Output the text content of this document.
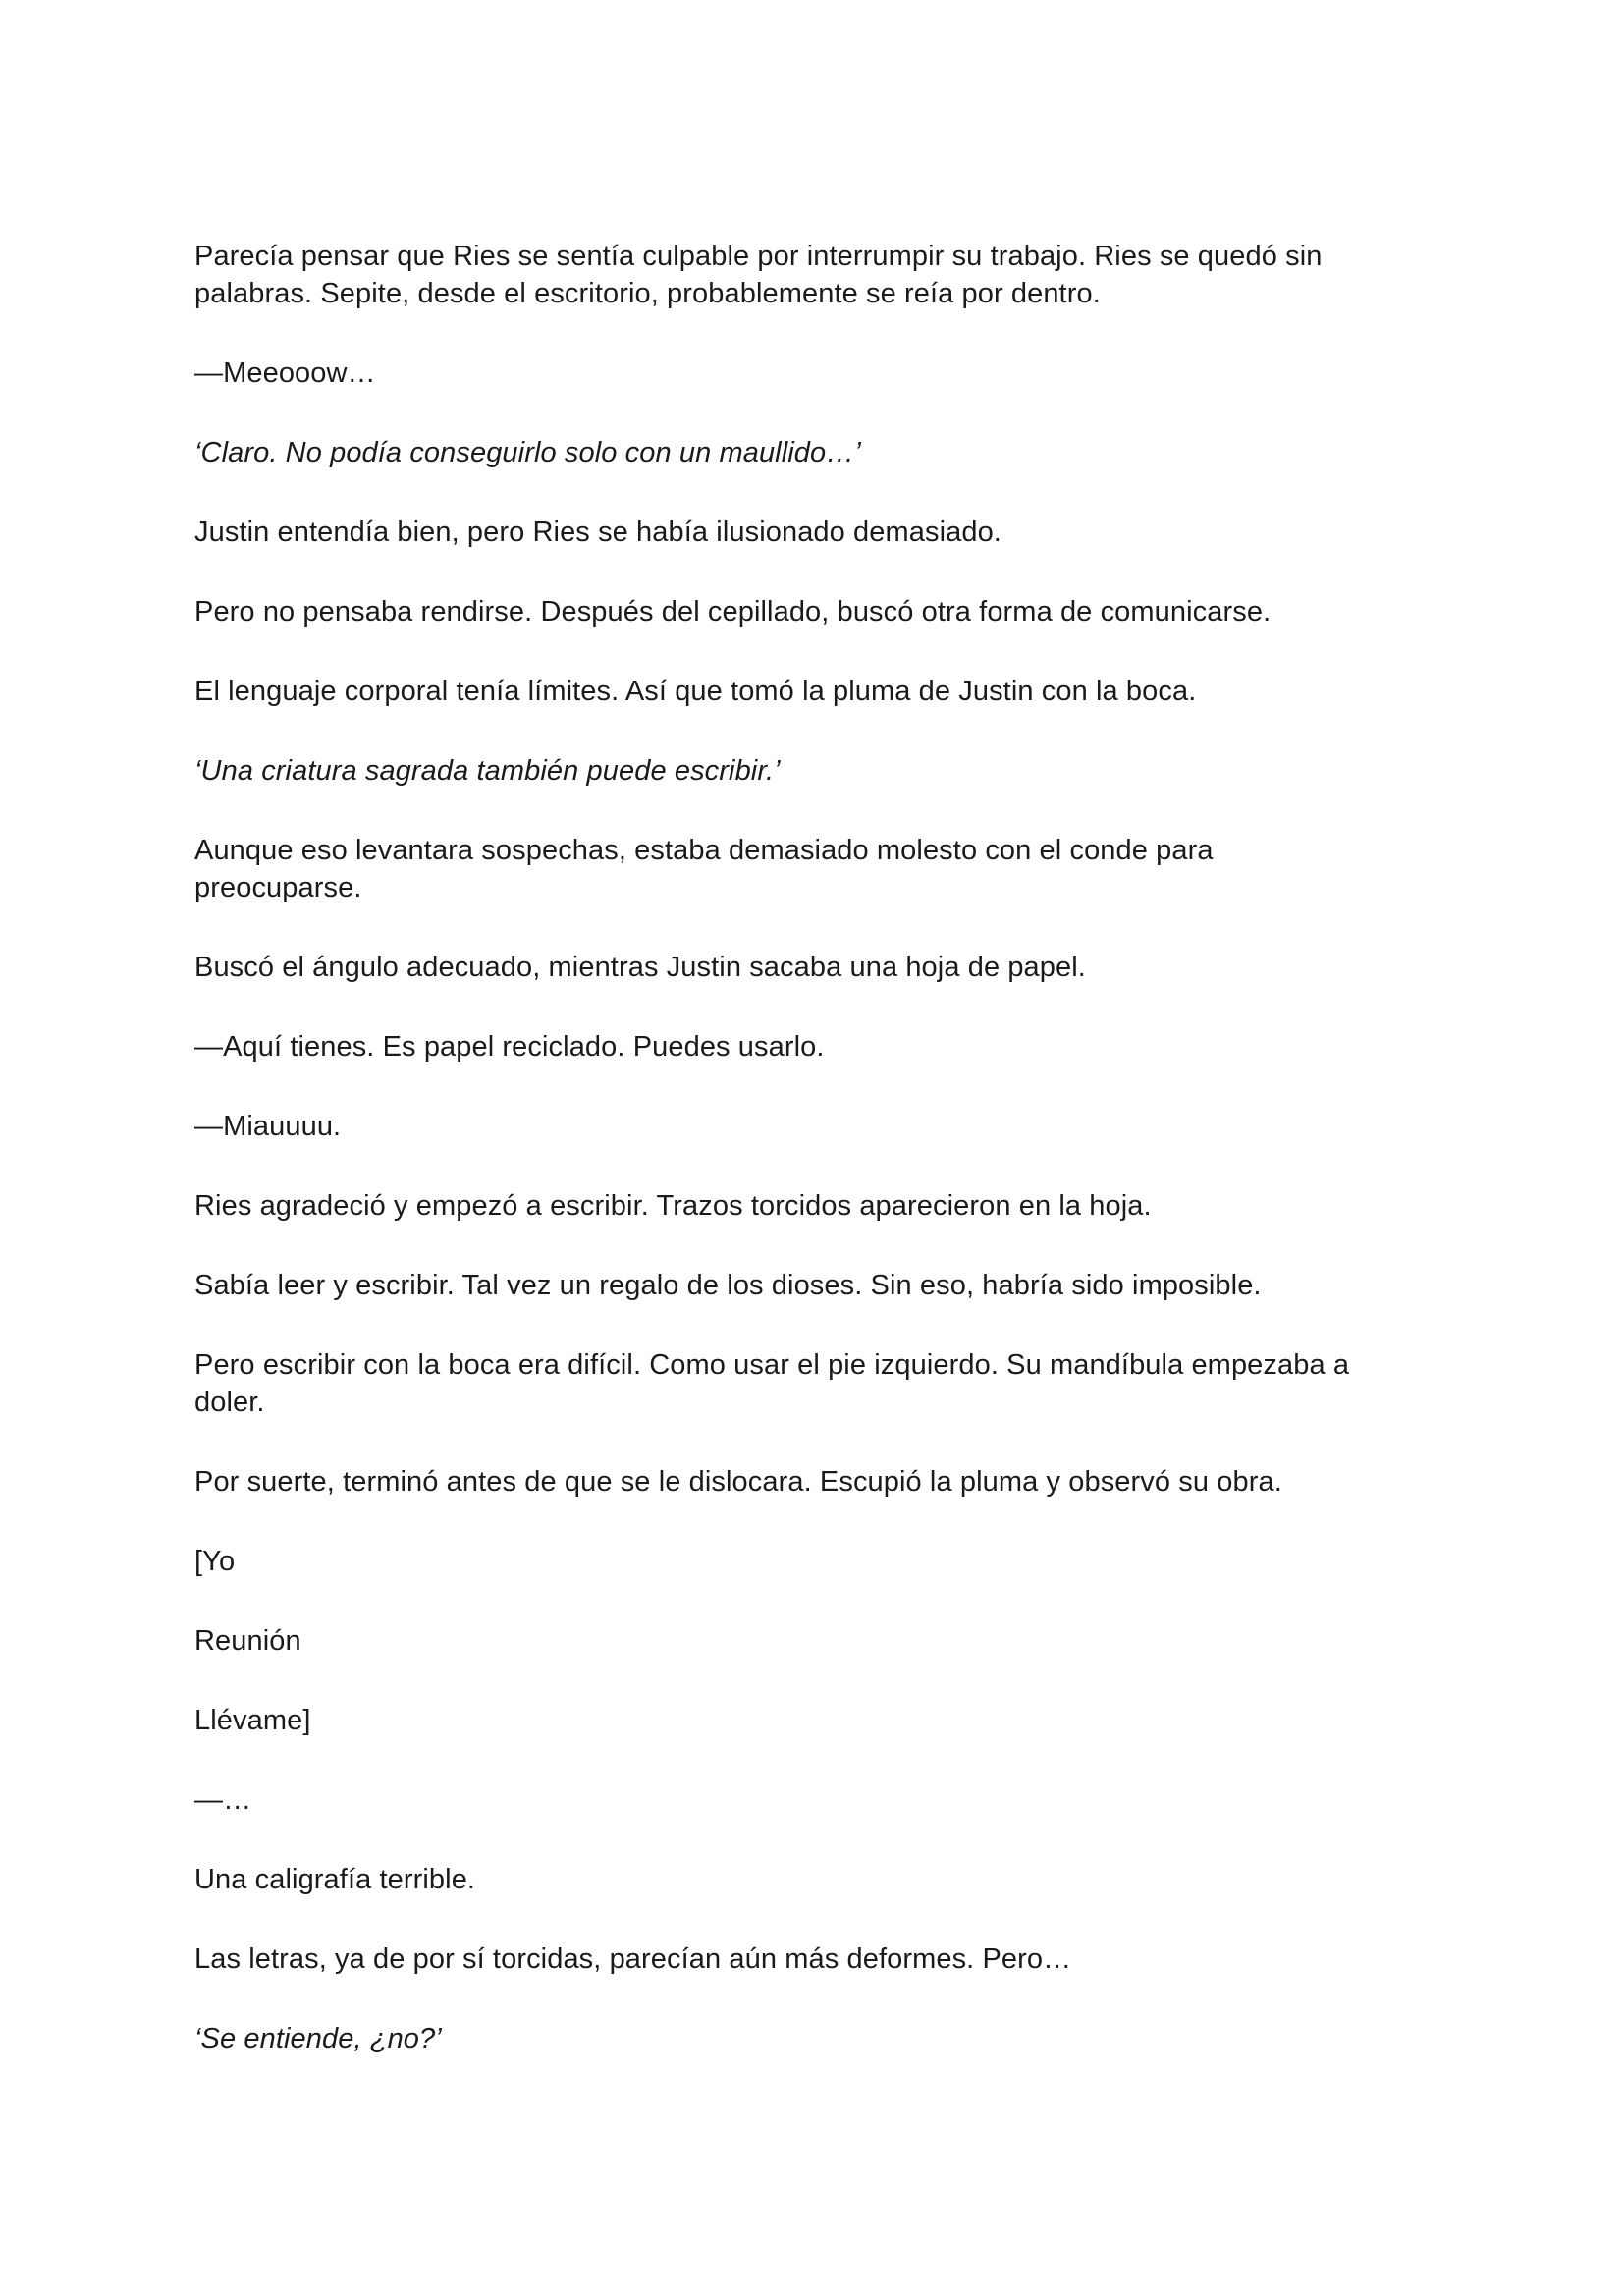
Parecía pensar que Ries se sentía culpable por interrumpir su trabajo. Ries se quedó sin
palabras. Sepite, desde el escritorio, probablemente se reía por dentro.

—Meeooow…

‘Claro. No podía conseguirlo solo con un maullido…’

Justin entendía bien, pero Ries se había ilusionado demasiado.

Pero no pensaba rendirse. Después del cepillado, buscó otra forma de comunicarse.

El lenguaje corporal tenía límites. Así que tomó la pluma de Justin con la boca.

‘Una criatura sagrada también puede escribir.’

Aunque eso levantara sospechas, estaba demasiado molesto con el conde para
preocuparse.

Buscó el ángulo adecuado, mientras Justin sacaba una hoja de papel.

—Aquí tienes. Es papel reciclado. Puedes usarlo.

—Miauuuu.

Ries agradeció y empezó a escribir. Trazos torcidos aparecieron en la hoja.

Sabía leer y escribir. Tal vez un regalo de los dioses. Sin eso, habría sido imposible.

Pero escribir con la boca era difícil. Como usar el pie izquierdo. Su mandíbula empezaba a
doler.

Por suerte, terminó antes de que se le dislocara. Escupió la pluma y observó su obra.

[Yo

Reunión

Llévame]

—…

Una caligrafía terrible.

Las letras, ya de por sí torcidas, parecían aún más deformes. Pero…

‘Se entiende, ¿no?’
